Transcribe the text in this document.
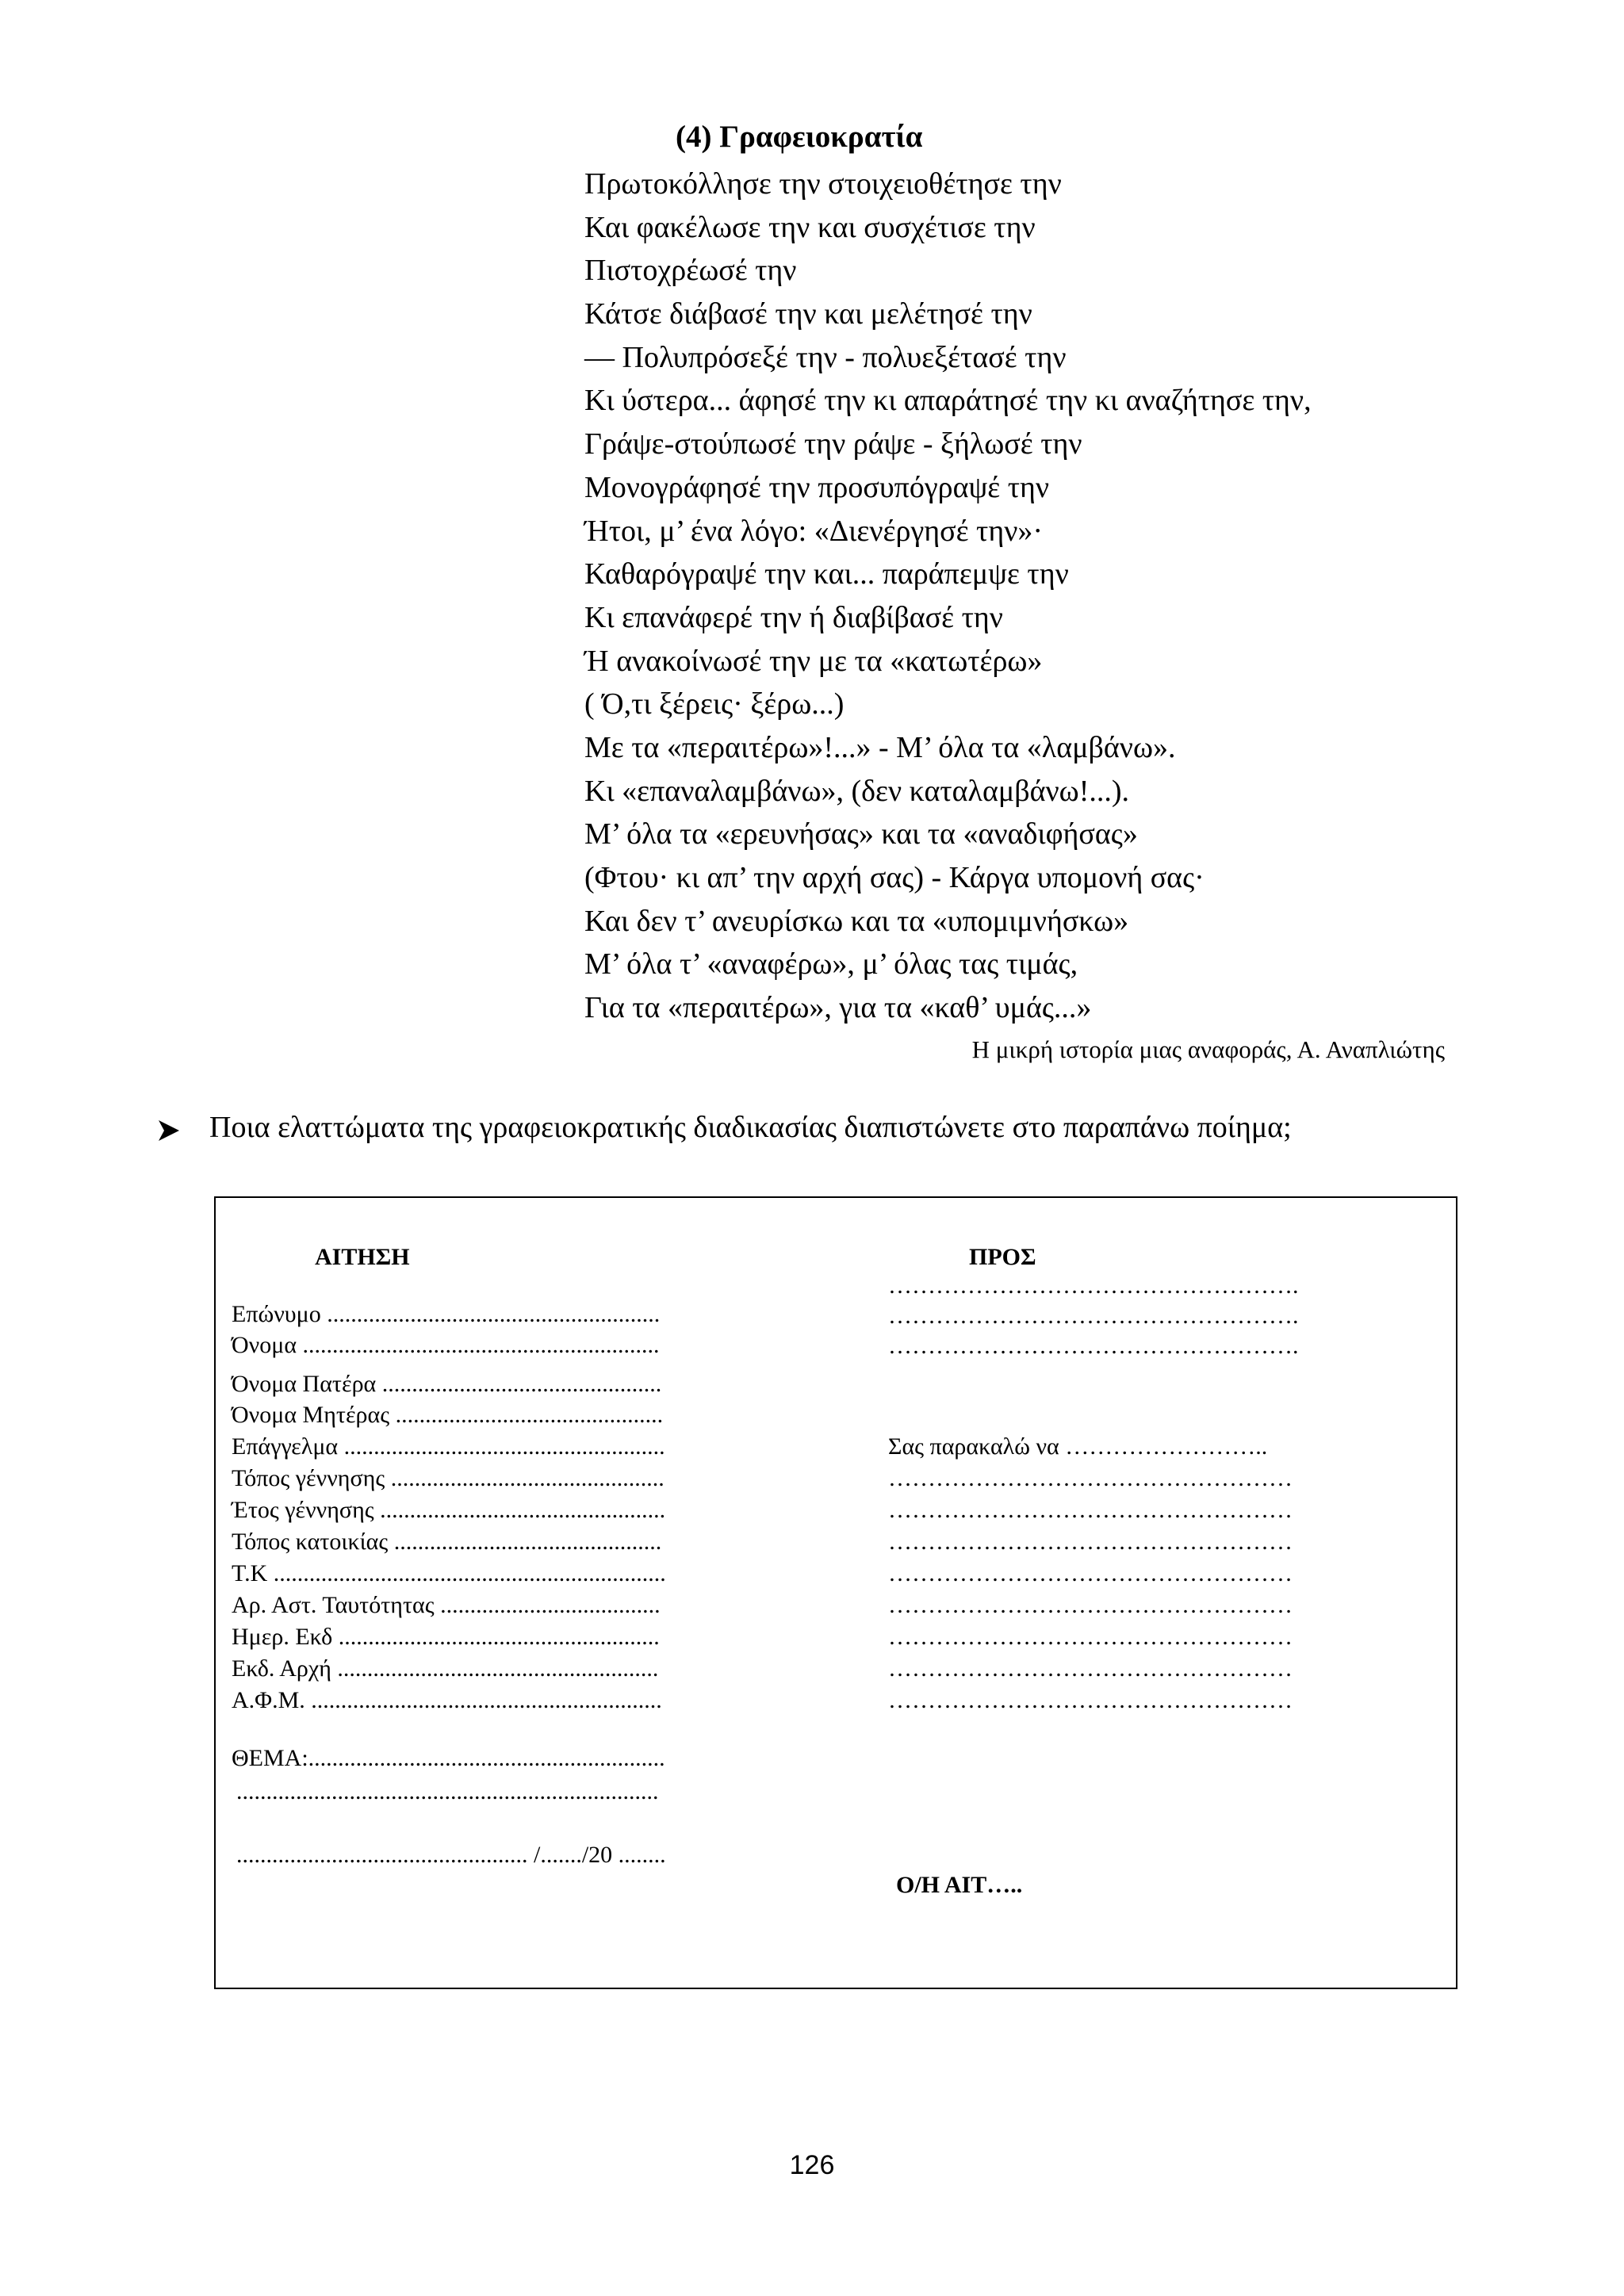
(4) Γραφειοκρατία
Πρωτοκόλλησε την στοιχειοθέτησε την
Και φακέλωσε την και συσχέτισε την
Πιστοχρέωσέ την
Κάτσε διάβασέ την και μελέτησέ την
— Πολυπρόσεξέ την - πολυεξέτασέ την
Κι ύστερα... άφησέ την κι απαράτησέ την κι αναζήτησε την,
Γράψε-στούπωσέ την ράψε - ξήλωσέ την
Μονογράφησέ την προσυπόγραψέ την
Ήτοι, μ’ ένα λόγο: «Διενέργησέ την»·
Καθαρόγραψέ την και... παράπεμψε την
Κι επανάφερέ την ή διαβίβασέ την
Ή ανακοίνωσέ την με τα «κατωτέρω»
( Ό,τι ξέρεις· ξέρω...)
Με τα «περαιτέρω»!...» - Μ’ όλα τα «λαμβάνω».
Κι «επαναλαμβάνω», (δεν καταλαμβάνω!...).
Μ’ όλα τα «ερευνήσας» και τα «αναδιφήσας»
(Φτου· κι απ’ την αρχή σας) - Κάργα υπομονή σας·
Και δεν τ’ ανευρίσκω και τα «υπομιμνήσκω»
Μ’ όλα τ’ «αναφέρω», μ’ όλας τας τιμάς,
Για τα «περαιτέρω», για τα «καθ’ υμάς...»
Η μικρή ιστορία μιας αναφοράς, Α. Αναπλιώτης
Ποια ελαττώματα της γραφειοκρατικής διαδικασίας διαπιστώνετε στο παραπάνω ποίημα;
ΑΙΤΗΣΗ
Επώνυμο ........................................................
Όνομα ............................................................
Όνομα Πατέρα ...............................................
Όνομα Μητέρας .............................................
Επάγγελμα ......................................................
Τόπος γέννησης ..............................................
Έτος γέννησης ................................................
Τόπος κατοικίας .............................................
Τ.Κ ..................................................................
Αρ. Αστ. Ταυτότητας .....................................
Ημερ. Εκδ ......................................................
Εκδ. Αρχή ......................................................
Α.Φ.Μ. ...........................................................
ΘΕΜΑ:............................................................
.......................................................................
................................................. /......./20 ........
ΠΡΟΣ
…………………………………………….
…………………………………………….
…………………………………………….
Σας παρακαλώ να ……………………..
……………………………………………
……………………………………………
……………………………………………
……………………………………………
……………………………………………
……………………………………………
……………………………………………
……………………………………………
Ο/Η ΑΙΤ…..
126
